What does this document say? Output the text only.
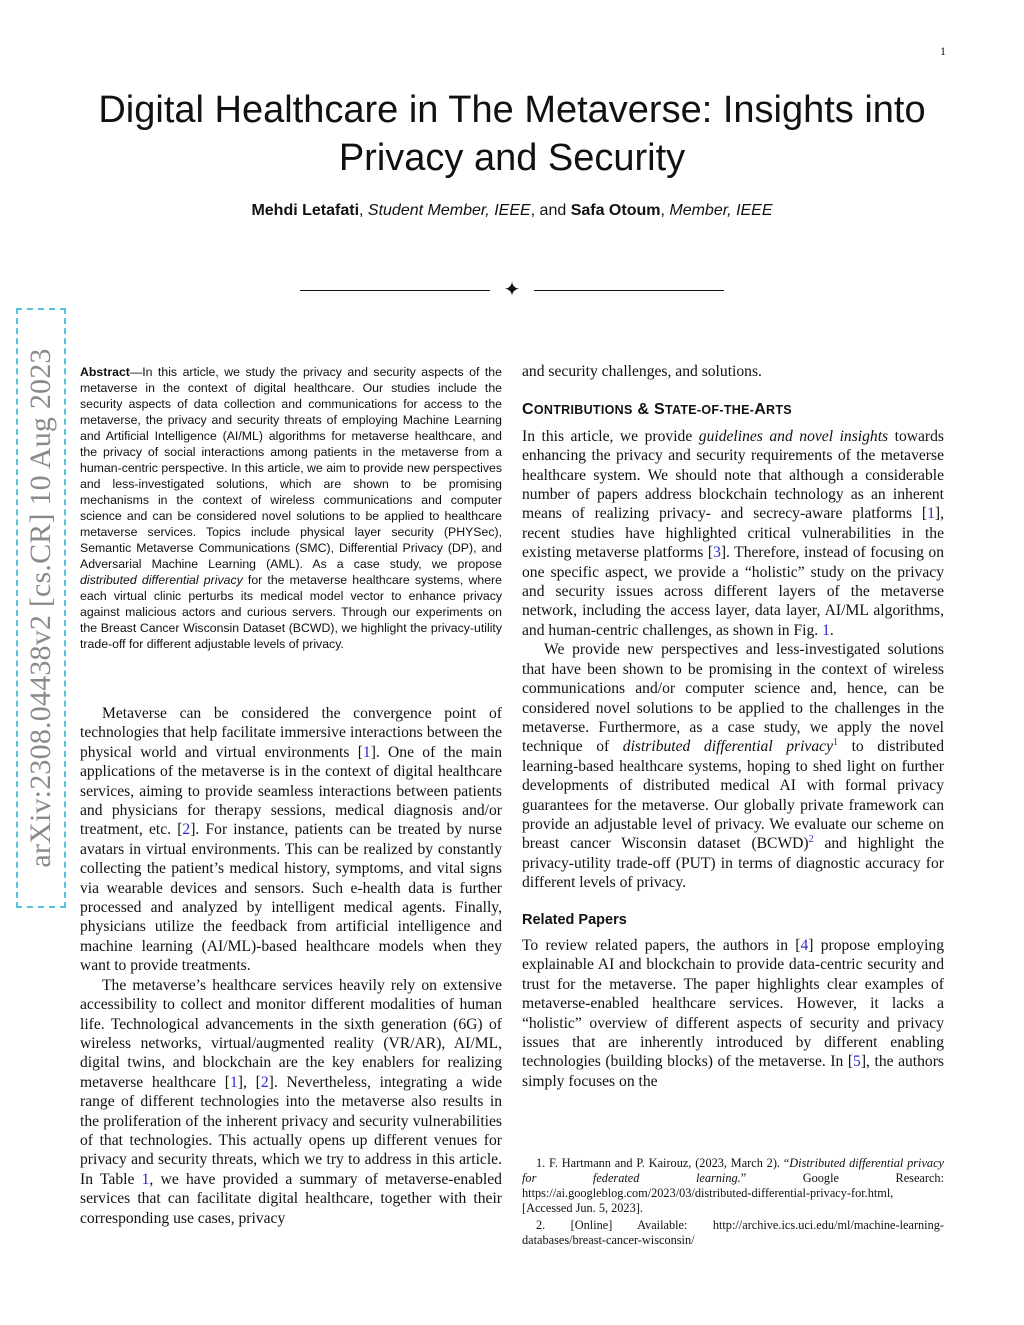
1
arXiv:2308.04438v2 [cs.CR] 10 Aug 2023
Digital Healthcare in The Metaverse: Insights into Privacy and Security
Mehdi Letafati, Student Member, IEEE, and Safa Otoum, Member, IEEE
✦

Abstract—In this article, we study the privacy and security aspects of the metaverse in the context of digital healthcare. Our studies include the security aspects of data collection and communications for access to the metaverse, the privacy and security threats of employing Machine Learning and Artificial Intelligence (AI/ML) algorithms for metaverse healthcare, and the privacy of social interactions among patients in the metaverse from a human-centric perspective. In this article, we aim to provide new perspectives and less-investigated solutions, which are shown to be promising mechanisms in the context of wireless communications and computer science and can be considered novel solutions to be applied to healthcare metaverse services. Topics include physical layer security (PHYSec), Semantic Metaverse Communications (SMC), Differential Privacy (DP), and Adversarial Machine Learning (AML). As a case study, we propose distributed differential privacy for the metaverse healthcare systems, where each virtual clinic perturbs its medical model vector to enhance privacy against malicious actors and curious servers. Through our experiments on the Breast Cancer Wisconsin Dataset (BCWD), we highlight the privacy-utility trade-off for different adjustable levels of privacy.

Metaverse can be considered the convergence point of technologies that help facilitate immersive interactions between the physical world and virtual environments [1]. One of the main applications of the metaverse is in the context of digital healthcare services, aiming to provide seamless interactions between patients and physicians for therapy sessions, medical diagnosis and/or treatment, etc. [2]. For instance, patients can be treated by nurse avatars in virtual environments. This can be realized by constantly collecting the patient’s medical history, symptoms, and vital signs via wearable devices and sensors. Such e-health data is further processed and analyzed by intelligent medical agents. Finally, physicians utilize the feedback from artificial intelligence and machine learning (AI/ML)-based healthcare models when they want to provide treatments.

The metaverse’s healthcare services heavily rely on extensive accessibility to collect and monitor different modalities of human life. Technological advancements in the sixth generation (6G) of wireless networks, virtual/augmented reality (VR/AR), AI/ML, digital twins, and blockchain are the key enablers for realizing metaverse healthcare [1], [2]. Nevertheless, integrating a wide range of different technologies into the metaverse also results in the proliferation of the inherent privacy and security vulnerabilities of that technologies. This actually opens up different venues for privacy and security threats, which we try to address in this article. In Table 1, we have provided a summary of metaverse-enabled services that can facilitate digital healthcare, together with their corresponding use cases, privacy

and security challenges, and solutions.

CONTRIBUTIONS & STATE-OF-THE-ARTS

In this article, we provide guidelines and novel insights towards enhancing the privacy and security requirements of the metaverse healthcare system. We should note that although a considerable number of papers address blockchain technology as an inherent means of realizing privacy- and secrecy-aware platforms [1], recent studies have highlighted critical vulnerabilities in the existing metaverse platforms [3]. Therefore, instead of focusing on one specific aspect, we provide a “holistic” study on the privacy and security issues across different layers of the metaverse network, including the access layer, data layer, AI/ML algorithms, and human-centric challenges, as shown in Fig. 1.

We provide new perspectives and less-investigated solutions that have been shown to be promising in the context of wireless communications and/or computer science and, hence, can be considered novel solutions to be applied to the challenges in the metaverse. Furthermore, as a case study, we apply the novel technique of distributed differential privacy$^1$ to distributed learning-based healthcare systems, hoping to shed light on further developments of distributed medical AI with formal privacy guarantees for the metaverse. Our globally private framework can provide an adjustable level of privacy. We evaluate our scheme on breast cancer Wisconsin dataset (BCWD)$^2$ and highlight the privacy-utility trade-off (PUT) in terms of diagnostic accuracy for different levels of privacy.

Related Papers

To review related papers, the authors in [4] propose employing explainable AI and blockchain to provide data-centric security and trust for the metaverse. The paper highlights clear examples of metaverse-enabled healthcare services. However, it lacks a “holistic” overview of different aspects of security and privacy issues that are inherently introduced by different enabling technologies (building blocks) of the metaverse. In [5], the authors simply focuses on the

1. F. Hartmann and P. Kairouz, (2023, March 2). “Distributed differential privacy for federated learning.” Google Research: https://ai.googleblog.com/2023/03/distributed-differential-privacy-for.html, [Accessed Jun. 5, 2023].

2. [Online] Available: http://archive.ics.uci.edu/ml/machine-learning-databases/breast-cancer-wisconsin/
